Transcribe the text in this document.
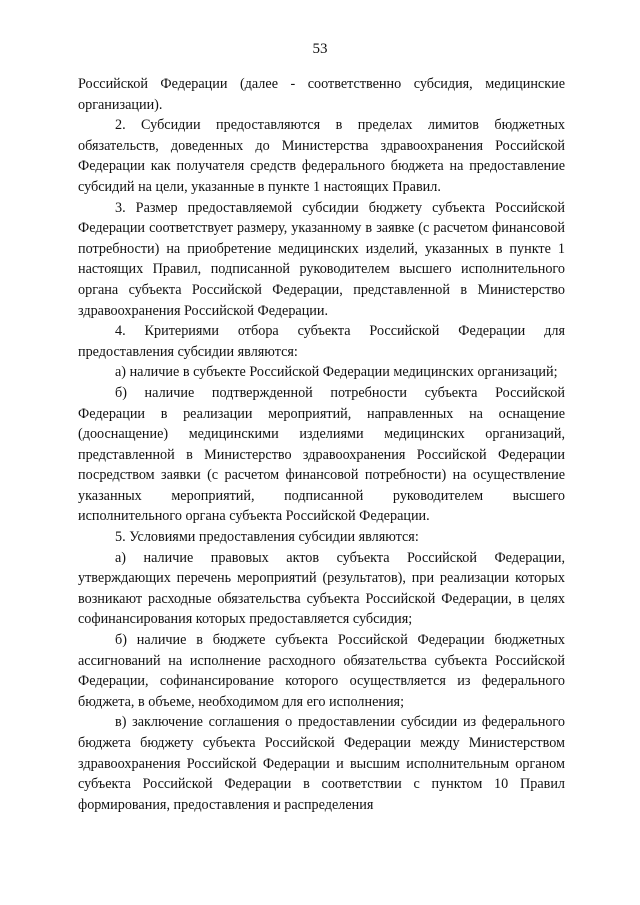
53

Российской Федерации (далее - соответственно субсидия, медицинские организации).

2. Субсидии предоставляются в пределах лимитов бюджетных обязательств, доведенных до Министерства здравоохранения Российской Федерации как получателя средств федерального бюджета на предоставление субсидий на цели, указанные в пункте 1 настоящих Правил.

3. Размер предоставляемой субсидии бюджету субъекта Российской Федерации соответствует размеру, указанному в заявке (с расчетом финансовой потребности) на приобретение медицинских изделий, указанных в пункте 1 настоящих Правил, подписанной руководителем высшего исполнительного органа субъекта Российской Федерации, представленной в Министерство здравоохранения Российской Федерации.

4. Критериями отбора субъекта Российской Федерации для предоставления субсидии являются:

а) наличие в субъекте Российской Федерации медицинских организаций;

б) наличие подтвержденной потребности субъекта Российской Федерации в реализации мероприятий, направленных на оснащение (дооснащение) медицинскими изделиями медицинских организаций, представленной в Министерство здравоохранения Российской Федерации посредством заявки (с расчетом финансовой потребности) на осуществление указанных мероприятий, подписанной руководителем высшего исполнительного органа субъекта Российской Федерации.

5. Условиями предоставления субсидии являются:

а) наличие правовых актов субъекта Российской Федерации, утверждающих перечень мероприятий (результатов), при реализации которых возникают расходные обязательства субъекта Российской Федерации, в целях софинансирования которых предоставляется субсидия;

б) наличие в бюджете субъекта Российской Федерации бюджетных ассигнований на исполнение расходного обязательства субъекта Российской Федерации, софинансирование которого осуществляется из федерального бюджета, в объеме, необходимом для его исполнения;

в) заключение соглашения о предоставлении субсидии из федерального бюджета бюджету субъекта Российской Федерации между Министерством здравоохранения Российской Федерации и высшим исполнительным органом субъекта Российской Федерации в соответствии с пунктом 10 Правил формирования, предоставления и распределения
